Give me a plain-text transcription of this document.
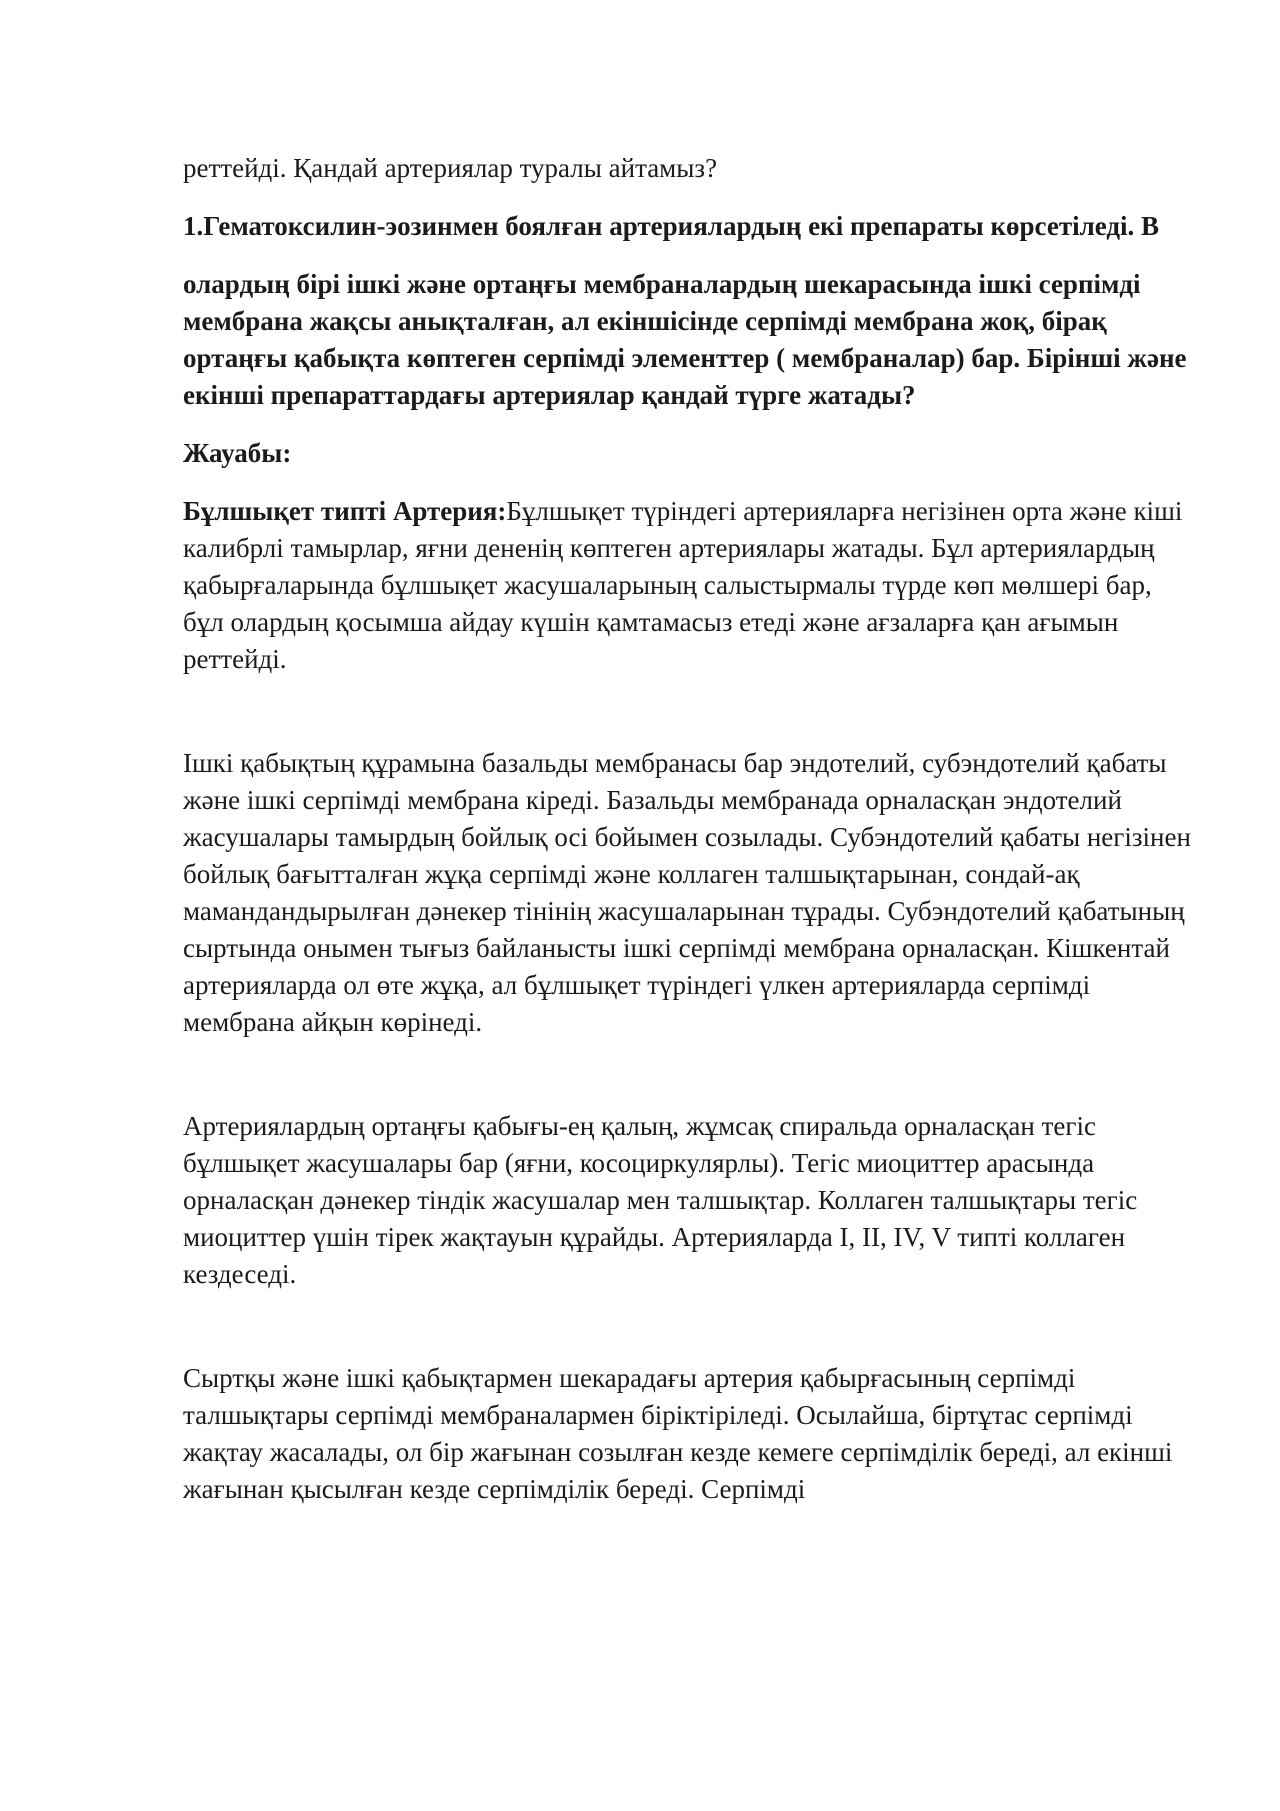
реттейді. Қандай артериялар туралы айтамыз?

1.Гематоксилин-эозинмен боялған артериялардың екі препараты көрсетіледі. В

олардың бірі ішкі және ортаңғы мембраналардың шекарасында ішкі серпімді мембрана жақсы анықталған, ал екіншісінде серпімді мембрана жоқ, бірақ ортаңғы қабықта көптеген серпімді элементтер ( мембраналар) бар. Бірінші және екінші препараттардағы артериялар қандай түрге жатады?

Жауабы:

Бұлшықет типті Артерия:Бұлшықет түріндегі артерияларға негізінен орта және кіші калибрлі тамырлар, яғни дененің көптеген артериялары жатады. Бұл артериялардың қабырғаларында бұлшықет жасушаларының салыстырмалы түрде көп мөлшері бар, бұл олардың қосымша айдау күшін қамтамасыз етеді және ағзаларға қан ағымын реттейді.

Ішкі қабықтың құрамына базальды мембранасы бар эндотелий, субэндотелий қабаты және ішкі серпімді мембрана кіреді. Базальды мембранада орналасқан эндотелий жасушалары тамырдың бойлық осі бойымен созылады. Субэндотелий қабаты негізінен бойлық бағытталған жұқа серпімді және коллаген талшықтарынан, сондай-ақ мамандандырылған дәнекер тінінің жасушаларынан тұрады. Субэндотелий қабатының сыртында онымен тығыз байланысты ішкі серпімді мембрана орналасқан. Кішкентай артерияларда ол өте жұқа, ал бұлшықет түріндегі үлкен артерияларда серпімді мембрана айқын көрінеді.

Артериялардың ортаңғы қабығы-ең қалың, жұмсақ спиральда орналасқан тегіс бұлшықет жасушалары бар (яғни, косоциркулярлы). Тегіс миоциттер арасында орналасқан дәнекер тіндік жасушалар мен талшықтар. Коллаген талшықтары тегіс миоциттер үшін тірек жақтауын құрайды. Артерияларда I, II, IV, V типті коллаген кездеседі.

Сыртқы және ішкі қабықтармен шекарадағы артерия қабырғасының серпімді талшықтары серпімді мембраналармен біріктіріледі. Осылайша, біртұтас серпімді жақтау жасалады, ол бір жағынан созылған кезде кемеге серпімділік береді, ал екінші жағынан қысылған кезде серпімділік береді. Серпімді
